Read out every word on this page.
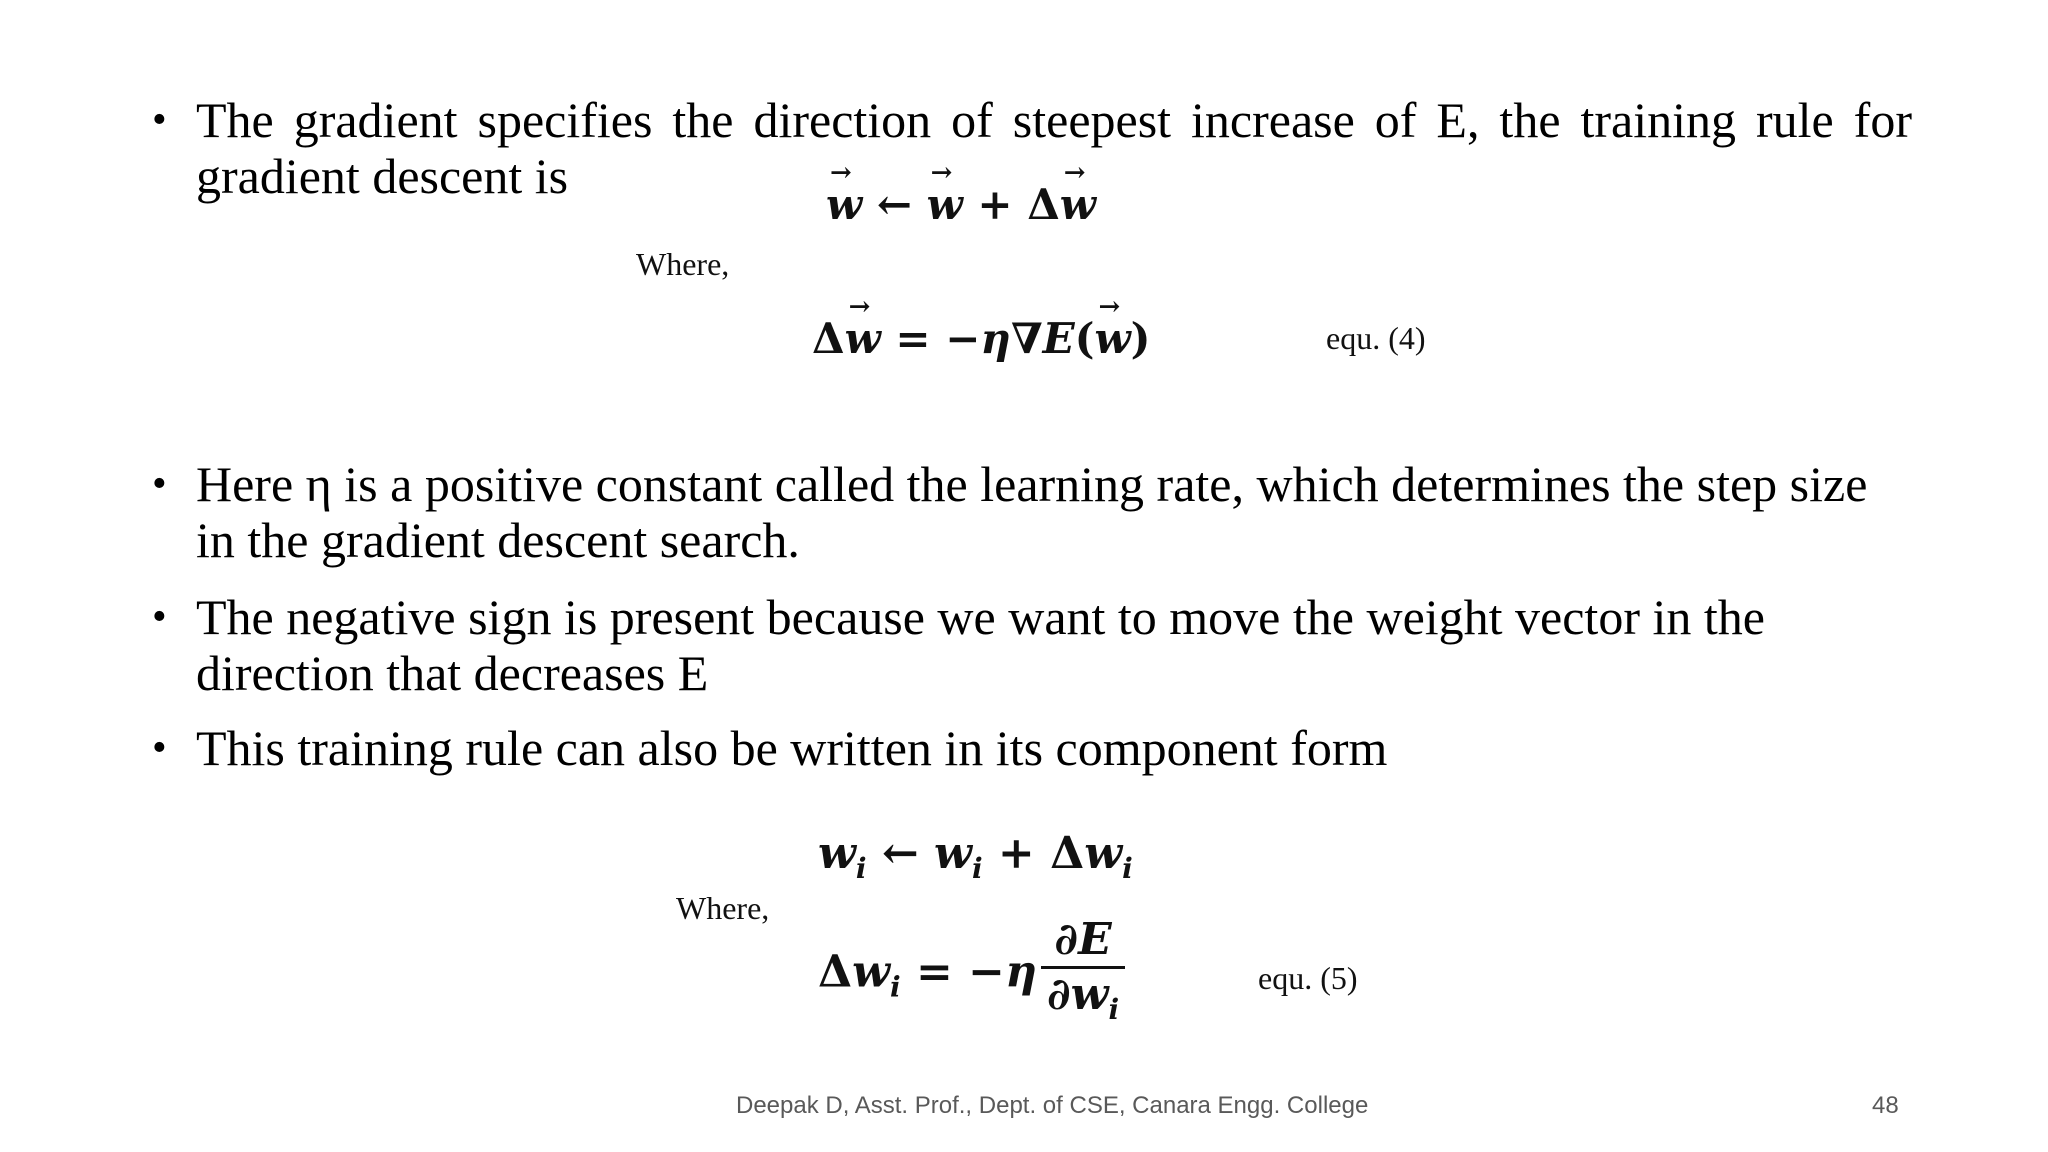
• The gradient specifies the direction of steepest increase of E, the training rule for gradient descent is
→ w ← → w + Δ→ w
Where,
Δ→ w = −η∇E(→ w)	equ. (4)
• Here η is a positive constant called the learning rate, which determines the step size in the gradient descent search.
• The negative sign is present because we want to move the weight vector in the direction that decreases E
• This training rule can also be written in its component form
$w_i$ ← $w_i + \Delta w_i$
Where,
$\Delta w_i = -\eta \frac{\partial E}{\partial w_i}$	equ. (5)
Deepak D, Asst. Prof., Dept. of CSE, Canara Engg. College	48
